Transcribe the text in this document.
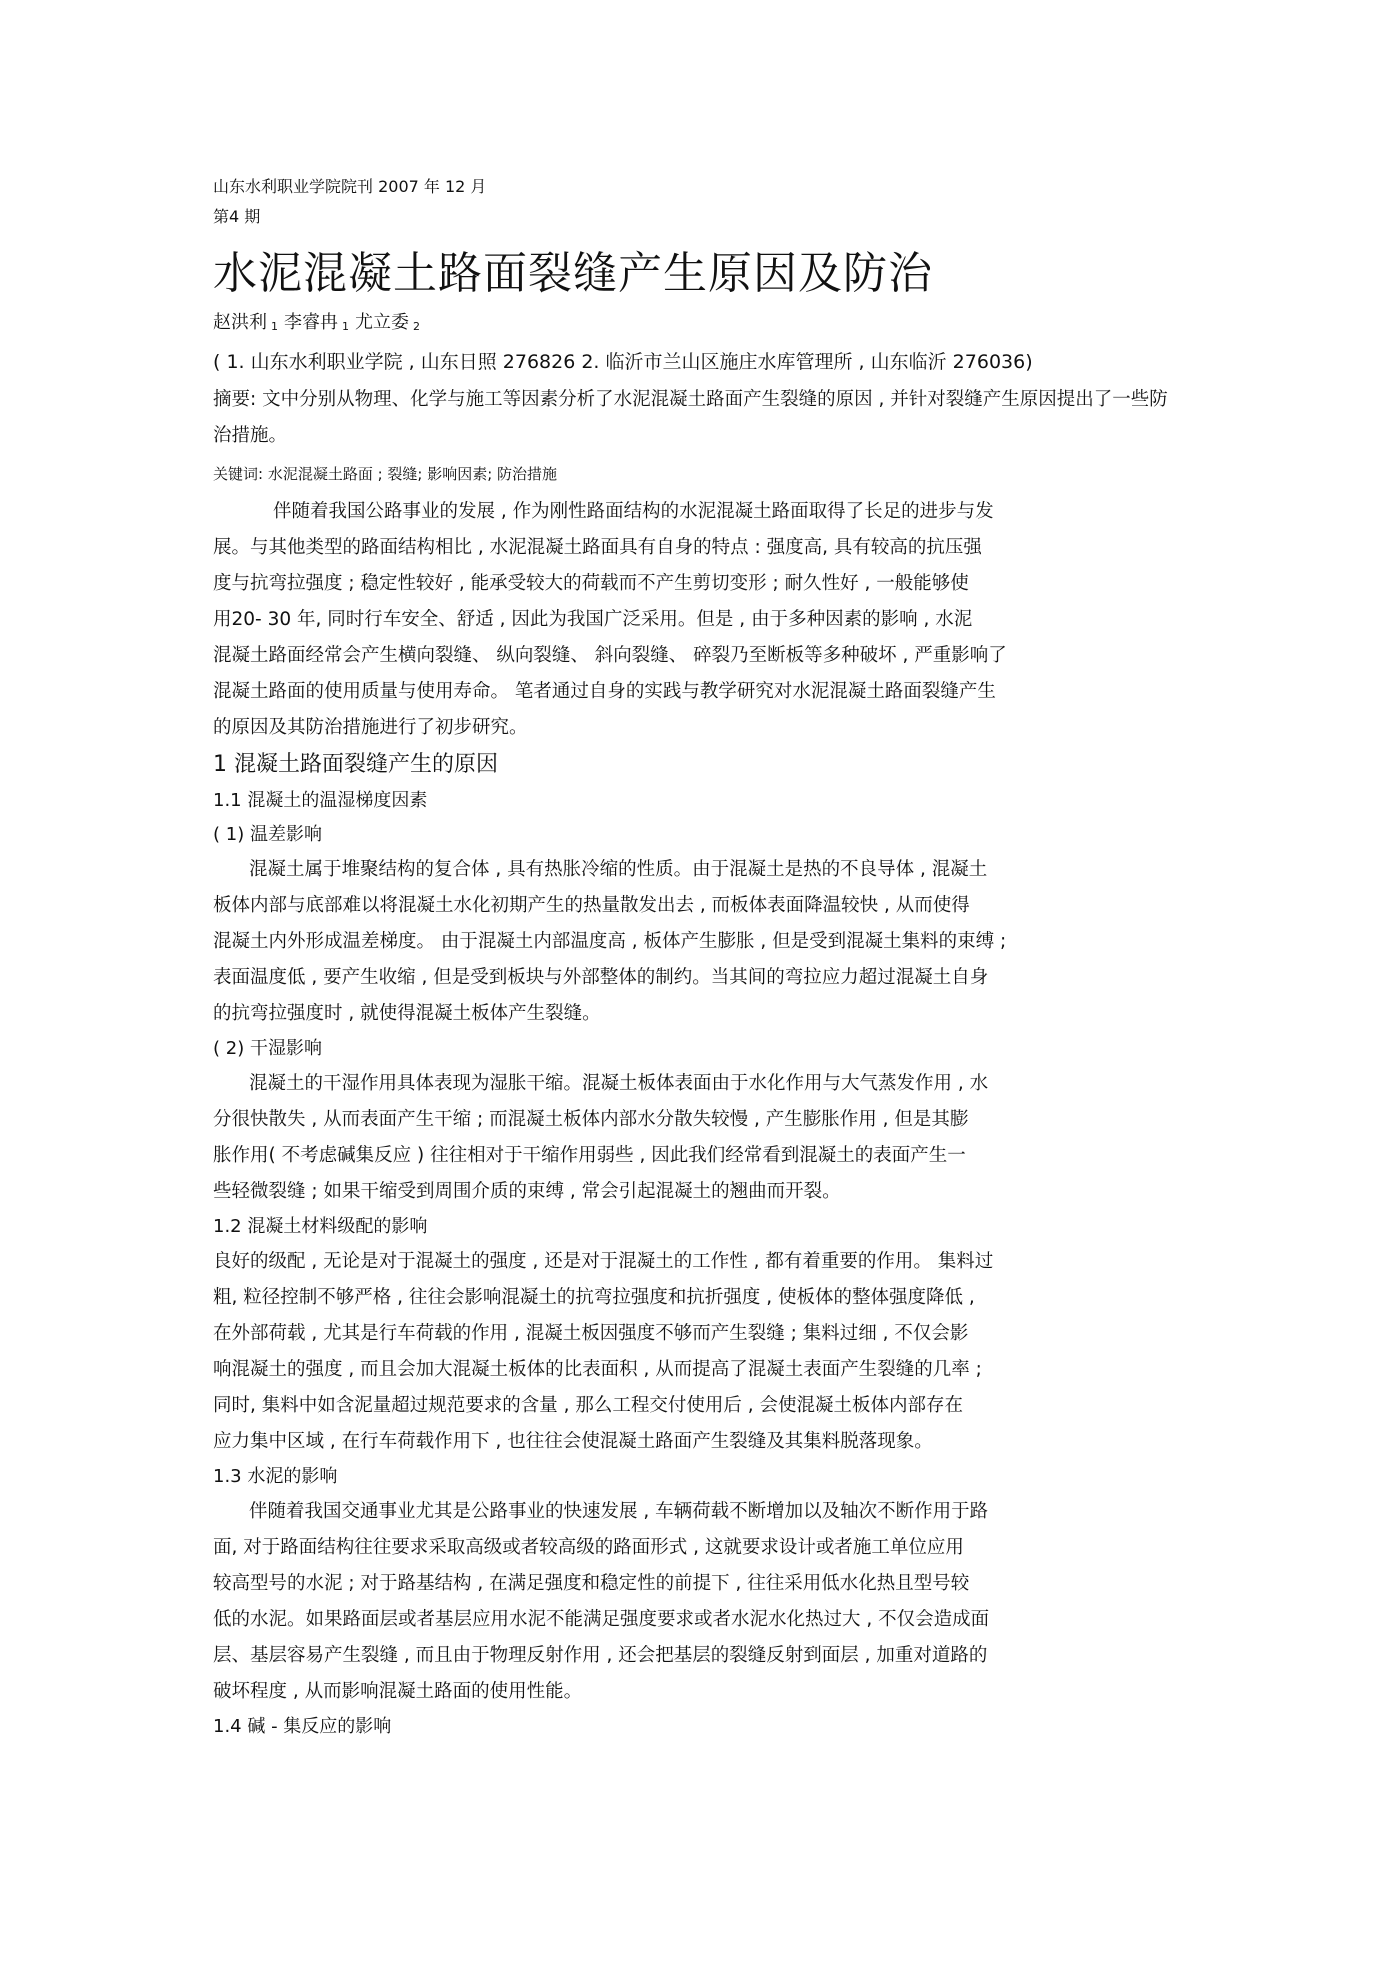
山东水利职业学院院刊 2007 年 12 月
第4 期
水泥混凝土路面裂缝产生原因及防治
赵洪利 $_1$ 李睿冉 $_1$ 尤立委 $_2$
( 1. 山东水利职业学院 , 山东日照 276826 2. 临沂市兰山区施庄水库管理所 , 山东临沂 276036)
摘要: 文中分别从物理、化学与施工等因素分析了水泥混凝土路面产生裂缝的原因 , 并针对裂缝产生原因提出了一些防
治措施。
关键词: 水泥混凝土路面 ; 裂缝; 影响因素; 防治措施
伴随着我国公路事业的发展 , 作为刚性路面结构的水泥混凝土路面取得了长足的进步与发
展。与其他类型的路面结构相比 , 水泥混凝土路面具有自身的特点 : 强度高, 具有较高的抗压强
度与抗弯拉强度 ; 稳定性较好 , 能承受较大的荷载而不产生剪切变形 ; 耐久性好 , 一般能够使
用20- 30 年, 同时行车安全、舒适 , 因此为我国广泛采用。但是 , 由于多种因素的影响 , 水泥
混凝土路面经常会产生横向裂缝、 纵向裂缝、 斜向裂缝、 碎裂乃至断板等多种破坏 , 严重影响了
混凝土路面的使用质量与使用寿命。 笔者通过自身的实践与教学研究对水泥混凝土路面裂缝产生
的原因及其防治措施进行了初步研究。
1 混凝土路面裂缝产生的原因
1.1 混凝土的温湿梯度因素
( 1) 温差影响
混凝土属于堆聚结构的复合体 , 具有热胀冷缩的性质。由于混凝土是热的不良导体 , 混凝土
板体内部与底部难以将混凝土水化初期产生的热量散发出去 , 而板体表面降温较快 , 从而使得
混凝土内外形成温差梯度。 由于混凝土内部温度高 , 板体产生膨胀 , 但是受到混凝土集料的束缚 ;
表面温度低 , 要产生收缩 , 但是受到板块与外部整体的制约。当其间的弯拉应力超过混凝土自身
的抗弯拉强度时 , 就使得混凝土板体产生裂缝。
( 2) 干湿影响
混凝土的干湿作用具体表现为湿胀干缩。混凝土板体表面由于水化作用与大气蒸发作用 , 水
分很快散失 , 从而表面产生干缩 ; 而混凝土板体内部水分散失较慢 , 产生膨胀作用 , 但是其膨
胀作用( 不考虑碱集反应 ) 往往相对于干缩作用弱些 , 因此我们经常看到混凝土的表面产生一
些轻微裂缝 ; 如果干缩受到周围介质的束缚 , 常会引起混凝土的翘曲而开裂。
1.2 混凝土材料级配的影响
良好的级配 , 无论是对于混凝土的强度 , 还是对于混凝土的工作性 , 都有着重要的作用。 集料过
粗, 粒径控制不够严格 , 往往会影响混凝土的抗弯拉强度和抗折强度 , 使板体的整体强度降低 ,
在外部荷载 , 尤其是行车荷载的作用 , 混凝土板因强度不够而产生裂缝 ; 集料过细 , 不仅会影
响混凝土的强度 , 而且会加大混凝土板体的比表面积 , 从而提高了混凝土表面产生裂缝的几率 ;
同时, 集料中如含泥量超过规范要求的含量 , 那么工程交付使用后 , 会使混凝土板体内部存在
应力集中区域 , 在行车荷载作用下 , 也往往会使混凝土路面产生裂缝及其集料脱落现象。
1.3 水泥的影响
伴随着我国交通事业尤其是公路事业的快速发展 , 车辆荷载不断增加以及轴次不断作用于路
面, 对于路面结构往往要求采取高级或者较高级的路面形式 , 这就要求设计或者施工单位应用
较高型号的水泥 ; 对于路基结构 , 在满足强度和稳定性的前提下 , 往往采用低水化热且型号较
低的水泥。如果路面层或者基层应用水泥不能满足强度要求或者水泥水化热过大 , 不仅会造成面
层、基层容易产生裂缝 , 而且由于物理反射作用 , 还会把基层的裂缝反射到面层 , 加重对道路的
破坏程度 , 从而影响混凝土路面的使用性能。
1.4 碱 - 集反应的影响
